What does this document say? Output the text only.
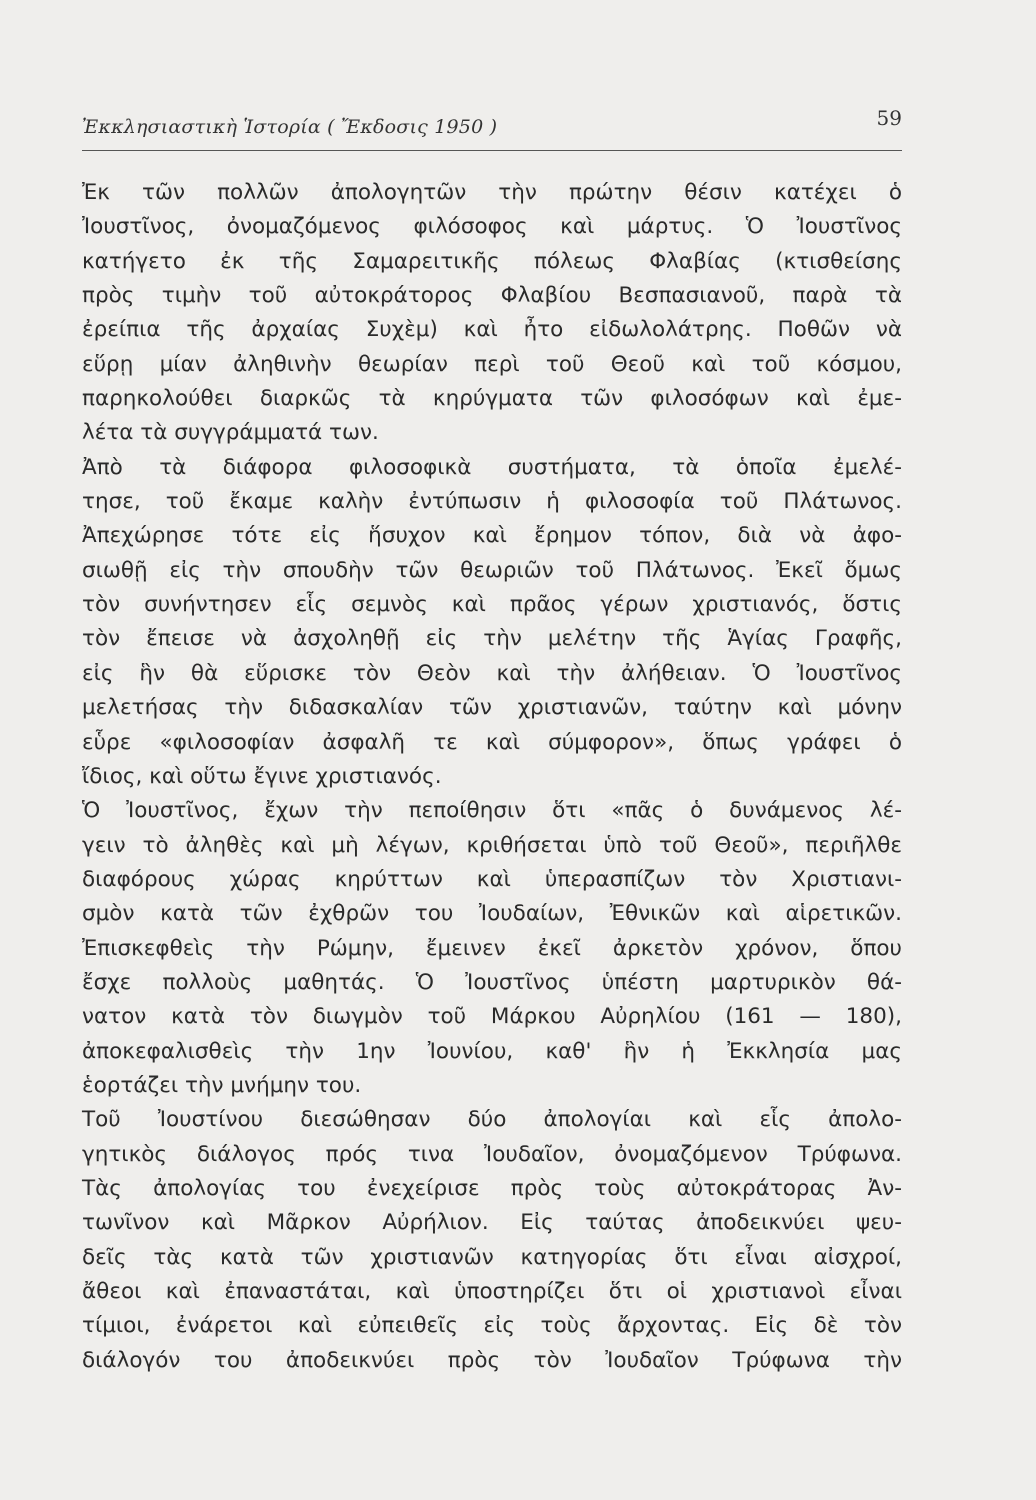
Ἐκκλησιαστικὴ Ἱστορία ( Ἔκδοσις 1950 )	59
Ἐκ τῶν πολλῶν ἀπολογητῶν τὴν πρώτην θέσιν κατέχει ὁ
Ἰουστῖνος, ὀνομαζόμενος φιλόσοφος καὶ μάρτυς. Ὁ Ἰουστῖνος
κατήγετο ἐκ τῆς Σαμαρειτικῆς πόλεως Φλαβίας (κτισθείσης
πρὸς τιμὴν τοῦ αὐτοκράτορος Φλαβίου Βεσπασιανοῦ, παρὰ τὰ
ἐρείπια τῆς ἀρχαίας Συχὲμ) καὶ ἦτο εἰδωλολάτρης. Ποθῶν νὰ
εὕρῃ μίαν ἀληθινὴν θεωρίαν περὶ τοῦ Θεοῦ καὶ τοῦ κόσμου,
παρηκολούθει διαρκῶς τὰ κηρύγματα τῶν φιλοσόφων καὶ ἐμε-
λέτα τὰ συγγράμματά των.
Ἀπὸ τὰ διάφορα φιλοσοφικὰ συστήματα, τὰ ὁποῖα ἐμελέ-
τησε, τοῦ ἔκαμε καλὴν ἐντύπωσιν ἡ φιλοσοφία τοῦ Πλάτωνος.
Ἀπεχώρησε τότε εἰς ἥσυχον καὶ ἔρημον τόπον, διὰ νὰ ἀφο-
σιωθῇ εἰς τὴν σπουδὴν τῶν θεωριῶν τοῦ Πλάτωνος. Ἐκεῖ ὅμως
τὸν συνήντησεν εἷς σεμνὸς καὶ πρᾶος γέρων χριστιανός, ὅστις
τὸν ἔπεισε νὰ ἀσχοληθῇ εἰς τὴν μελέτην τῆς Ἁγίας Γραφῆς,
εἰς ἣν θὰ εὕρισκε τὸν Θεὸν καὶ τὴν ἀλήθειαν. Ὁ Ἰουστῖνος
μελετήσας τὴν διδασκαλίαν τῶν χριστιανῶν, ταύτην καὶ μόνην
εὗρε «φιλοσοφίαν ἀσφαλῆ τε καὶ σύμφορον», ὅπως γράφει ὁ
ἴδιος, καὶ οὕτω ἔγινε χριστιανός.
Ὁ Ἰουστῖνος, ἔχων τὴν πεποίθησιν ὅτι «πᾶς ὁ δυνάμενος λέ-
γειν τὸ ἀληθὲς καὶ μὴ λέγων, κριθήσεται ὑπὸ τοῦ Θεοῦ», περιῆλθε
διαφόρους χώρας κηρύττων καὶ ὑπερασπίζων τὸν Χριστιανι-
σμὸν κατὰ τῶν ἐχθρῶν του Ἰουδαίων, Ἐθνικῶν καὶ αἱρετικῶν.
Ἐπισκεφθεὶς τὴν Ρώμην, ἔμεινεν ἐκεῖ ἀρκετὸν χρόνον, ὅπου
ἔσχε πολλοὺς μαθητάς. Ὁ Ἰουστῖνος ὑπέστη μαρτυρικὸν θά-
νατον κατὰ τὸν διωγμὸν τοῦ Μάρκου Αὐρηλίου (161 — 180),
ἀποκεφαλισθεὶς τὴν 1ην Ἰουνίου, καθ' ἣν ἡ Ἐκκλησία μας
ἑορτάζει τὴν μνήμην του.
Τοῦ Ἰουστίνου διεσώθησαν δύο ἀπολογίαι καὶ εἷς ἀπολο-
γητικὸς διάλογος πρός τινα Ἰουδαῖον, ὀνομαζόμενον Τρύφωνα.
Τὰς ἀπολογίας του ἐνεχείρισε πρὸς τοὺς αὐτοκράτορας Ἀν-
τωνῖνον καὶ Μᾶρκον Αὐρήλιον. Εἰς ταύτας ἀποδεικνύει ψευ-
δεῖς τὰς κατὰ τῶν χριστιανῶν κατηγορίας ὅτι εἶναι αἰσχροί,
ἄθεοι καὶ ἐπαναστάται, καὶ ὑποστηρίζει ὅτι οἱ χριστιανοὶ εἶναι
τίμιοι, ἐνάρετοι καὶ εὐπειθεῖς εἰς τοὺς ἄρχοντας. Εἰς δὲ τὸν
διάλογόν του ἀποδεικνύει πρὸς τὸν Ἰουδαῖον Τρύφωνα τὴν
